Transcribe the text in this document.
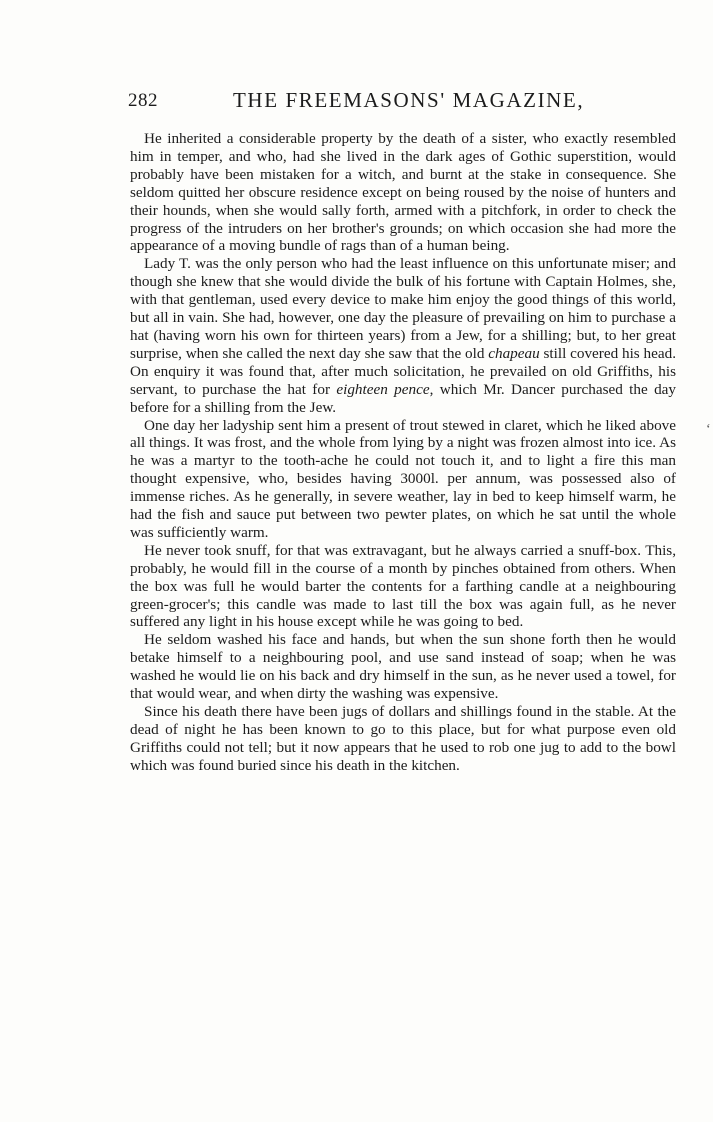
282	THE FREEMASONS' MAGAZINE,

He inherited a considerable property by the death of a sister, who exactly resembled him in temper, and who, had she lived in the dark ages of Gothic superstition, would probably have been mistaken for a witch, and burnt at the stake in consequence. She seldom quitted her obscure residence except on being roused by the noise of hunters and their hounds, when she would sally forth, armed with a pitchfork, in order to check the progress of the intruders on her brother's grounds; on which occasion she had more the appearance of a moving bundle of rags than of a human being.

Lady T. was the only person who had the least influence on this unfortunate miser; and though she knew that she would divide the bulk of his fortune with Captain Holmes, she, with that gentleman, used every device to make him enjoy the good things of this world, but all in vain. She had, however, one day the pleasure of prevailing on him to purchase a hat (having worn his own for thirteen years) from a Jew, for a shilling; but, to her great surprise, when she called the next day she saw that the old chapeau still covered his head. On enquiry it was found that, after much solicitation, he prevailed on old Griffiths, his servant, to purchase the hat for eighteen pence, which Mr. Dancer purchased the day before for a shilling from the Jew.

One day her ladyship sent him a present of trout stewed in claret, which he liked above all things. It was frost, and the whole from lying by a night was frozen almost into ice. As he was a martyr to the tooth-ache he could not touch it, and to light a fire this man thought expensive, who, besides having 3000l. per annum, was possessed also of immense riches. As he generally, in severe weather, lay in bed to keep himself warm, he had the fish and sauce put between two pewter plates, on which he sat until the whole was sufficiently warm.

He never took snuff, for that was extravagant, but he always carried a snuff-box. This, probably, he would fill in the course of a month by pinches obtained from others. When the box was full he would barter the contents for a farthing candle at a neighbouring green-grocer's; this candle was made to last till the box was again full, as he never suffered any light in his house except while he was going to bed.

He seldom washed his face and hands, but when the sun shone forth then he would betake himself to a neighbouring pool, and use sand instead of soap; when he was washed he would lie on his back and dry himself in the sun, as he never used a towel, for that would wear, and when dirty the washing was expensive.

Since his death there have been jugs of dollars and shillings found in the stable. At the dead of night he has been known to go to this place, but for what purpose even old Griffiths could not tell; but it now appears that he used to rob one jug to add to the bowl which was found buried since his death in the kitchen.

‘
